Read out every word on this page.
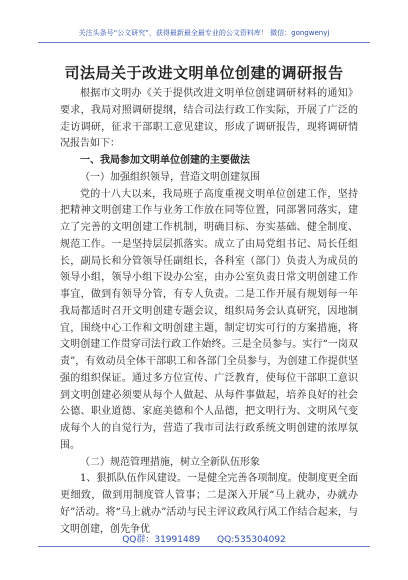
关注头条号“公文研究”，获得最新最全最专业的公文资料库！ 微信：gongwenyj
司法局关于改进文明单位创建的调研报告

根据市文明办《关于提供改进文明单位创建调研材料的通知》要求，我局对照调研提纲，结合司法行政工作实际，开展了广泛的走访调研，征求干部职工意见建议，形成了调研报告，现将调研情况报告如下：

一、我局参加文明单位创建的主要做法

（一）加强组织领导，营造文明创建氛围

党的十八大以来，我局班子高度重视文明单位创建工作，坚持把精神文明创建工作与业务工作放在同等位置，同部署同落实，建立了完善的文明创建工作机制，明确目标、夯实基础、健全制度、规范工作。一是坚持层层抓落实。成立了由局党组书记、局长任组长，副局长和分管领导任副组长，各科室（部门）负责人为成员的领导小组，领导小组下设办公室，由办公室负责日常文明创建工作事宜，做到有领导分管，有专人负责。二是工作开展有规划每一年我局都适时召开文明创建专题会议，组织局务会认真研究，因地制宜，围绕中心工作和文明创建主题，制定切实可行的方案措施，将文明创建工作贯穿司法行政工作始终。三是全员参与。实行“一岗双责”，有效动员全体干部职工和各部门全员参与，为创建工作提供坚强的组织保证。通过多方位宣传、广泛教育，使每位干部职工意识到文明创建必须要从每个人做起、从每件事做起，培养良好的社会公德、职业道德、家庭美德和个人品德，把文明行为、文明风气变成每个人的自觉行为，营造了我市司法行政系统文明创建的浓厚氛围。

（二）规范管理措施，树立全新队伍形象

1、狠抓队伍作风建设。一是健全完善各项制度。使制度更全面更细致，做到用制度管人管事；二是深入开展“马上就办，办就办好”活动。将“马上就办”活动与民主评议政风行风工作结合起来，与文明创建，创先争优

QQ群：31991489 QQ:535304092
